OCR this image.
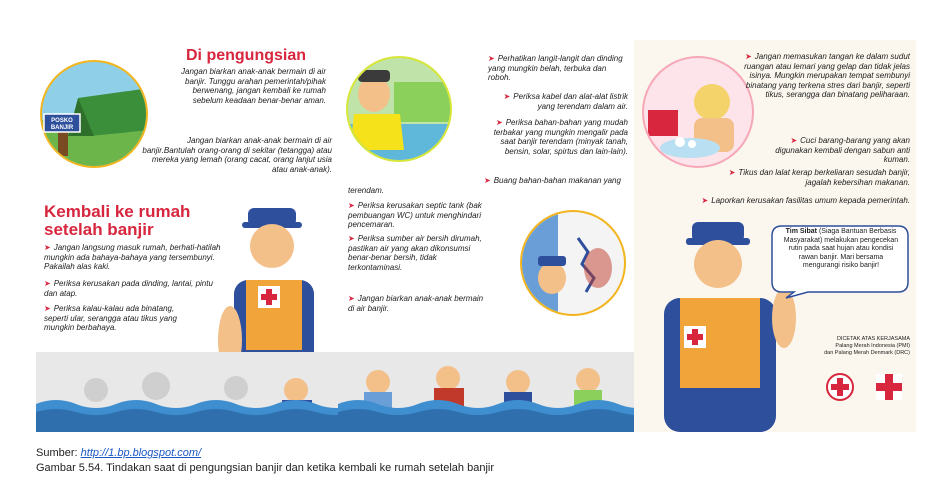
POSKO
BANJIR
Di pengungsian
Jangan biarkan anak-anak bermain di air banjir. Tunggu arahan pemerintah/pihak berwenang, jangan kembali ke rumah sebelum keadaan benar-benar aman.
Jangan biarkan anak-anak bermain di air banjir.Bantulah orang-orang di sekitar (tetangga) atau mereka yang lemah (orang cacat, orang lanjut usia atau anak-anak).
Kembali ke rumah
setelah banjir
➤ Jangan langsung masuk rumah, berhati-hatilah mungkin ada bahaya-bahaya yang tersembunyi. Pakailah alas kaki.
➤ Periksa kerusakan pada dinding, lantai, pintu dan atap.
➤ Periksa kalau-kalau ada binatang, seperti ular, serangga atau tikus yang mungkin berbahaya.
➤ Perhatikan langit-langit dan dinding yang mungkin belah, terbuka dan roboh.
➤ Periksa kabel dan alat-alat listrik yang terendam dalam air.
➤ Periksa bahan-bahan yang mudah terbakar yang mungkin mengalir pada saat banjir terendam (minyak tanah, bensin, solar, spirtus dan lain-lain).
➤ Buang bahan-bahan makanan yang
terendam.
➤ Periksa kerusakan septic tank (bak pembuangan WC) untuk menghindari pencemaran.
➤ Periksa sumber air bersih dirumah, pastikan air yang akan dikonsumsi benar-benar bersih, tidak terkontaminasi.
➤ Jangan biarkan anak-anak bermain di air banjir.
➤ Jangan memasukan tangan ke dalam sudut ruangan atau lemari yang gelap dan tidak jelas isinya. Mungkin merupakan tempat sembunyi binatang yang terkena stres dari banjir, seperti tikus, serangga dan binatang peliharaan.
➤ Cuci barang-barang yang akan digunakan kembali dengan sabun anti kuman.
➤ Tikus dan lalat kerap berkeliaran sesudah banjir, jagalah kebersihan makanan.
➤ Laporkan kerusakan fasilitas umum kepada pemerintah.
Tim Sibat (Siaga Bantuan Berbasis Masyarakat) melakukan pengecekan rutin pada saat hujan atau kondisi rawan banjir. Mari bersama mengurangi risiko banjir!
DICETAK ATAS KERJASAMA
Palang Merah Indonesia (PMI)
dan Palang Merah Denmark (DRC)
Sumber: http://1.bp.blogspot.com/
Gambar 5.54. Tindakan saat di pengungsian banjir dan ketika kembali ke rumah setelah banjir
